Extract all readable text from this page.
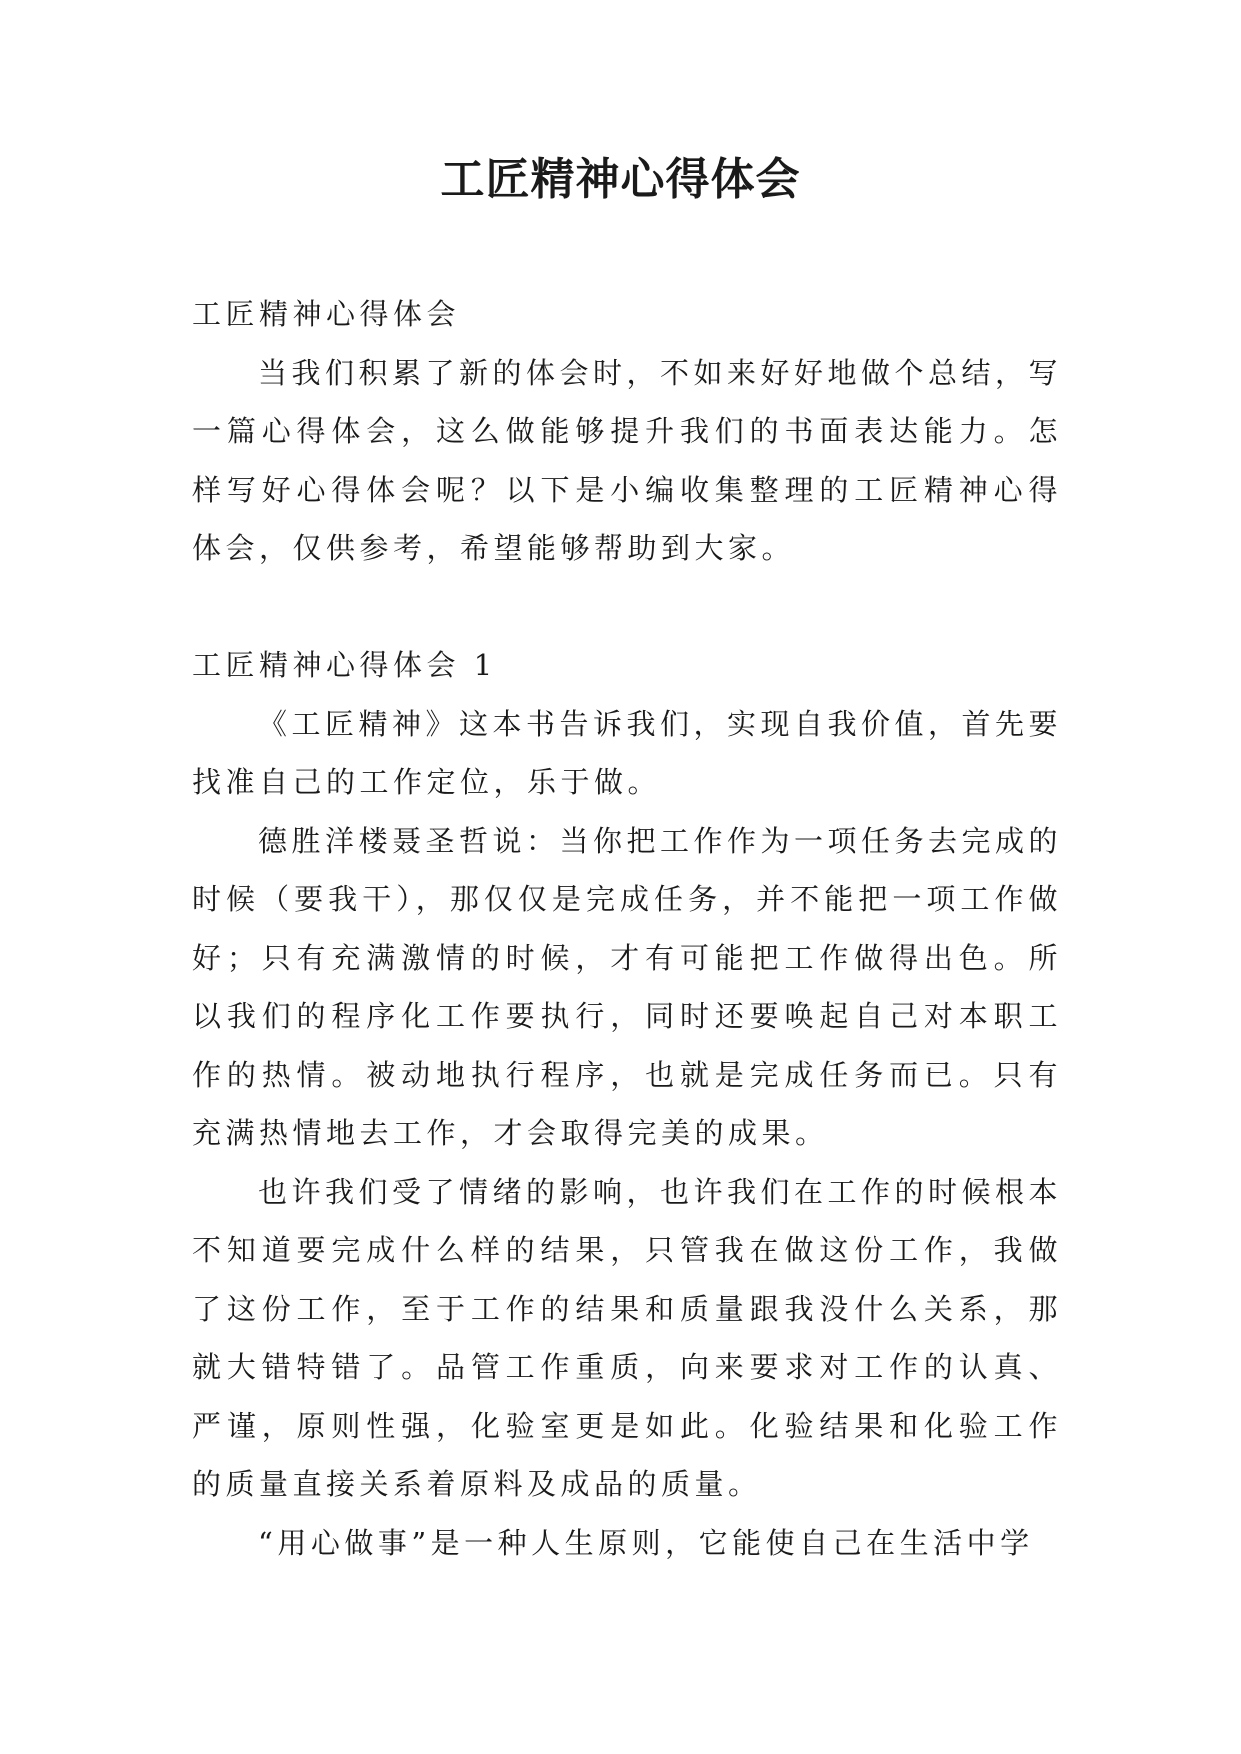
工匠精神心得体会

工匠精神心得体会

当我们积累了新的体会时，不如来好好地做个总结，写一篇心得体会，这么做能够提升我们的书面表达能力。怎样写好心得体会呢？以下是小编收集整理的工匠精神心得体会，仅供参考，希望能够帮助到大家。

工匠精神心得体会 1

《工匠精神》这本书告诉我们，实现自我价值，首先要找准自己的工作定位，乐于做。

德胜洋楼聂圣哲说：当你把工作作为一项任务去完成的时候（要我干），那仅仅是完成任务，并不能把一项工作做好；只有充满激情的时候，才有可能把工作做得出色。所以我们的程序化工作要执行，同时还要唤起自己对本职工作的热情。被动地执行程序，也就是完成任务而已。只有充满热情地去工作，才会取得完美的成果。

也许我们受了情绪的影响，也许我们在工作的时候根本不知道要完成什么样的结果，只管我在做这份工作，我做了这份工作，至于工作的结果和质量跟我没什么关系，那就大错特错了。品管工作重质，向来要求对工作的认真、严谨，原则性强，化验室更是如此。化验结果和化验工作的质量直接关系着原料及成品的质量。

“用心做事”是一种人生原则，它能使自己在生活中学
